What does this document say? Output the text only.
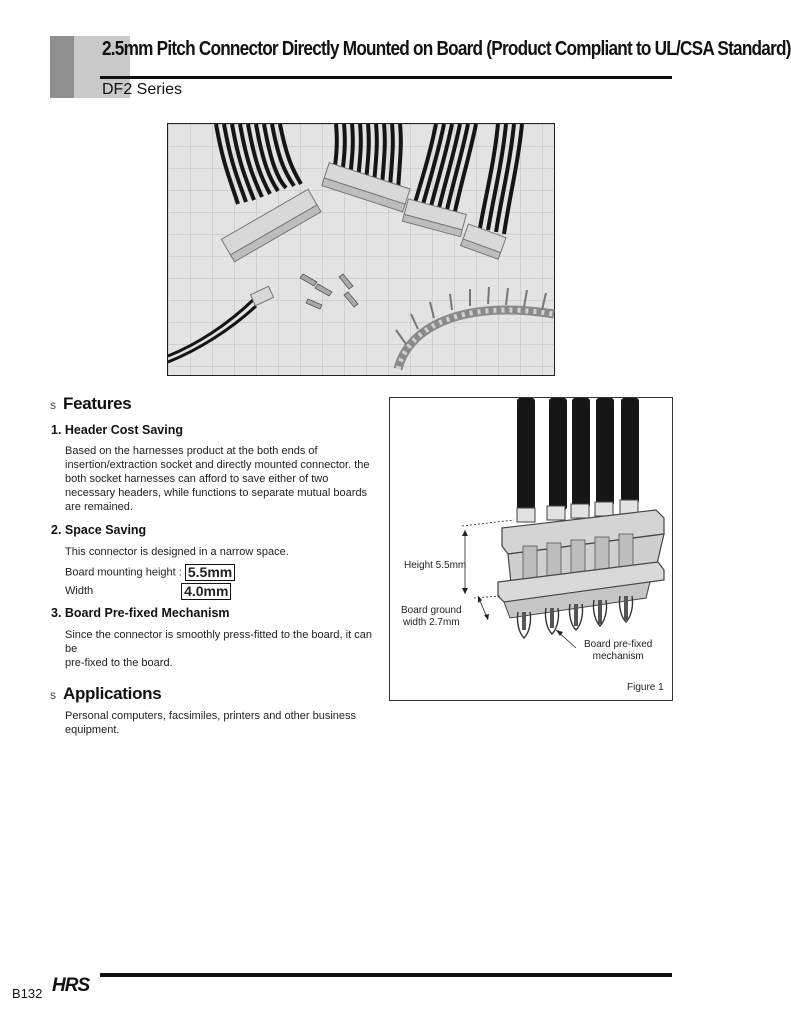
2.5mm Pitch Connector Directly Mounted on Board (Product Compliant to UL/CSA Standard)
DF2 Series
s Features
1. Header Cost Saving
Based on the harnesses product at the both ends of
insertion/extraction socket and directly mounted connector. the
both socket harnesses can afford to save either of two
necessary headers, while functions to separate mutual boards
are remained.
2. Space Saving
This connector is designed in a narrow space.
Board mounting height : 5.5mm
Width	4.0mm
3. Board Pre-fixed Mechanism
Since the connector is smoothly press-fitted to the board, it can be
pre-fixed to the board.
s Applications
Personal computers, facsimiles, printers and other business
equipment.
Height 5.5mm
Board ground
width 2.7mm
Board pre-fixed
mechanism
Figure 1
B132 HRS
